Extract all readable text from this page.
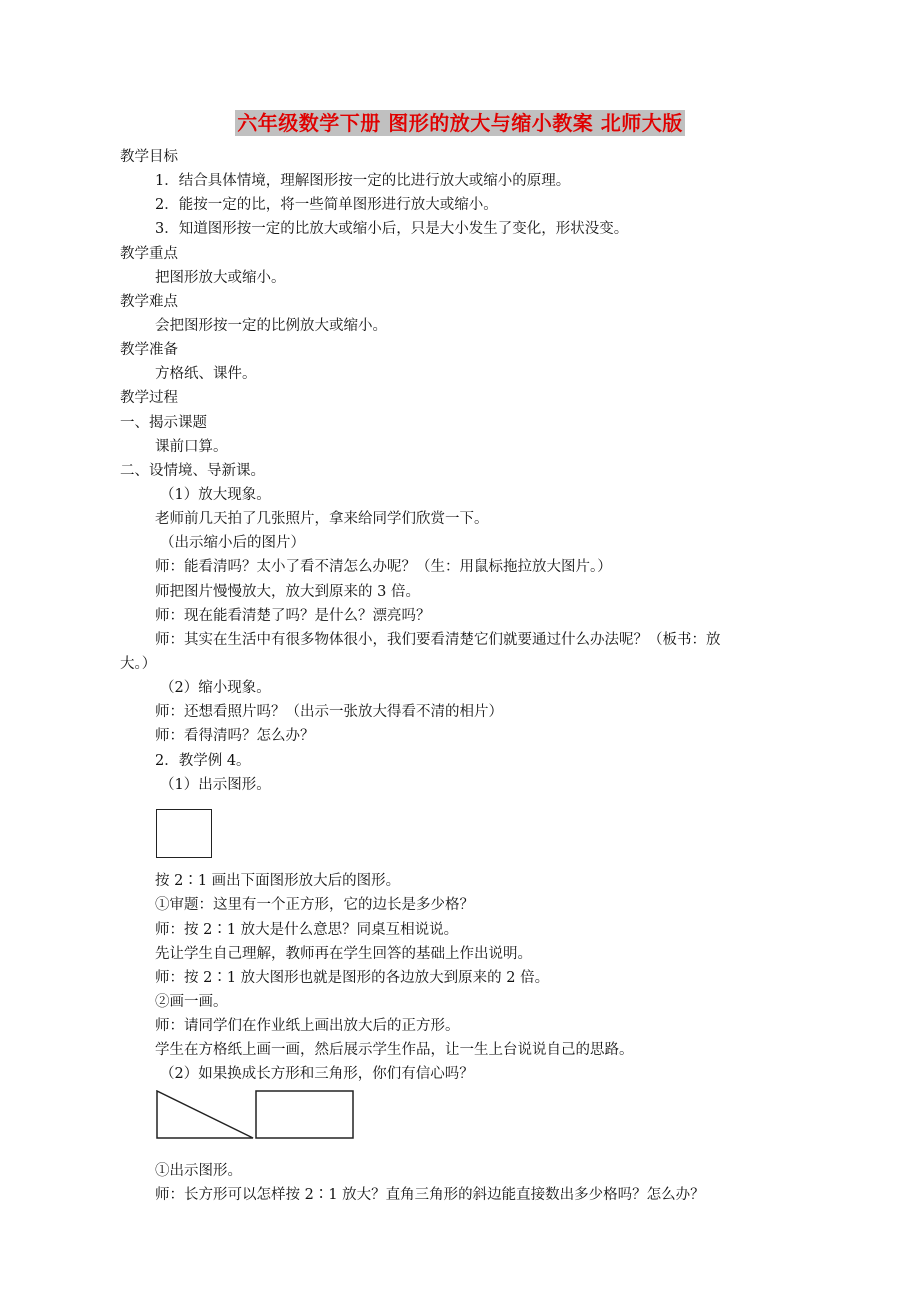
六年级数学下册 图形的放大与缩小教案 北师大版
教学目标
1．结合具体情境，理解图形按一定的比进行放大或缩小的原理。
2．能按一定的比，将一些简单图形进行放大或缩小。
3．知道图形按一定的比放大或缩小后，只是大小发生了变化，形状没变。
教学重点
把图形放大或缩小。
教学难点
会把图形按一定的比例放大或缩小。
教学准备
方格纸、课件。
教学过程
一、揭示课题
课前口算。
二、设情境、导新课。
（1）放大现象。
老师前几天拍了几张照片，拿来给同学们欣赏一下。
（出示缩小后的图片）
师：能看清吗？太小了看不清怎么办呢？（生：用鼠标拖拉放大图片。）
师把图片慢慢放大，放大到原来的 3 倍。
师：现在能看清楚了吗？是什么？漂亮吗？
师：其实在生活中有很多物体很小，我们要看清楚它们就要通过什么办法呢？（板书：放
大。）
（2）缩小现象。
师：还想看照片吗？（出示一张放大得看不清的相片）
师：看得清吗？怎么办？
2．教学例 4。
（1）出示图形。
按 2∶1 画出下面图形放大后的图形。
①审题：这里有一个正方形，它的边长是多少格？
师：按 2∶1 放大是什么意思？同桌互相说说。
先让学生自己理解，教师再在学生回答的基础上作出说明。
师：按 2∶1 放大图形也就是图形的各边放大到原来的 2 倍。
②画一画。
师：请同学们在作业纸上画出放大后的正方形。
学生在方格纸上画一画，然后展示学生作品，让一生上台说说自己的思路。
（2）如果换成长方形和三角形，你们有信心吗？
①出示图形。
师：长方形可以怎样按 2∶1 放大？直角三角形的斜边能直接数出多少格吗？怎么办？
